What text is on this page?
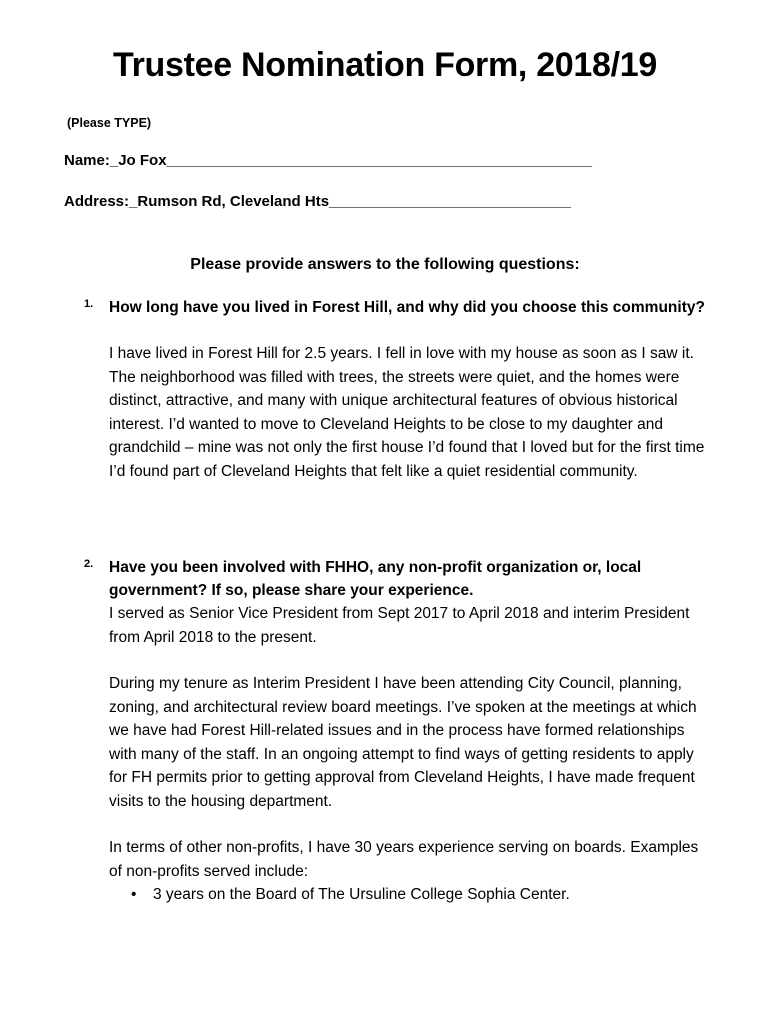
Trustee Nomination Form, 2018/19
(Please TYPE)
Name:_Jo Fox___________________________________________________
Address:_Rumson Rd, Cleveland Hts_____________________________
Please provide answers to the following questions:
1. How long have you lived in Forest Hill, and why did you choose this community?
I have lived in Forest Hill for 2.5 years. I fell in love with my house as soon as I saw it. The neighborhood was filled with trees, the streets were quiet, and the homes were distinct, attractive, and many with unique architectural features of obvious historical interest. I’d wanted to move to Cleveland Heights to be close to my daughter and grandchild – mine was not only the first house I’d found that I loved but for the first time I’d found part of Cleveland Heights that felt like a quiet residential community.
2. Have you been involved with FHHO, any non-profit organization or, local government? If so, please share your experience.
I served as Senior Vice President from Sept 2017 to April 2018 and interim President from April 2018 to the present.
During my tenure as Interim President I have been attending City Council, planning, zoning, and architectural review board meetings. I’ve spoken at the meetings at which we have had Forest Hill-related issues and in the process have formed relationships with many of the staff. In an ongoing attempt to find ways of getting residents to apply for FH permits prior to getting approval from Cleveland Heights, I have made frequent visits to the housing department.
In terms of other non-profits, I have 30 years experience serving on boards. Examples of non-profits served include:
• 3 years on the Board of The Ursuline College Sophia Center.
